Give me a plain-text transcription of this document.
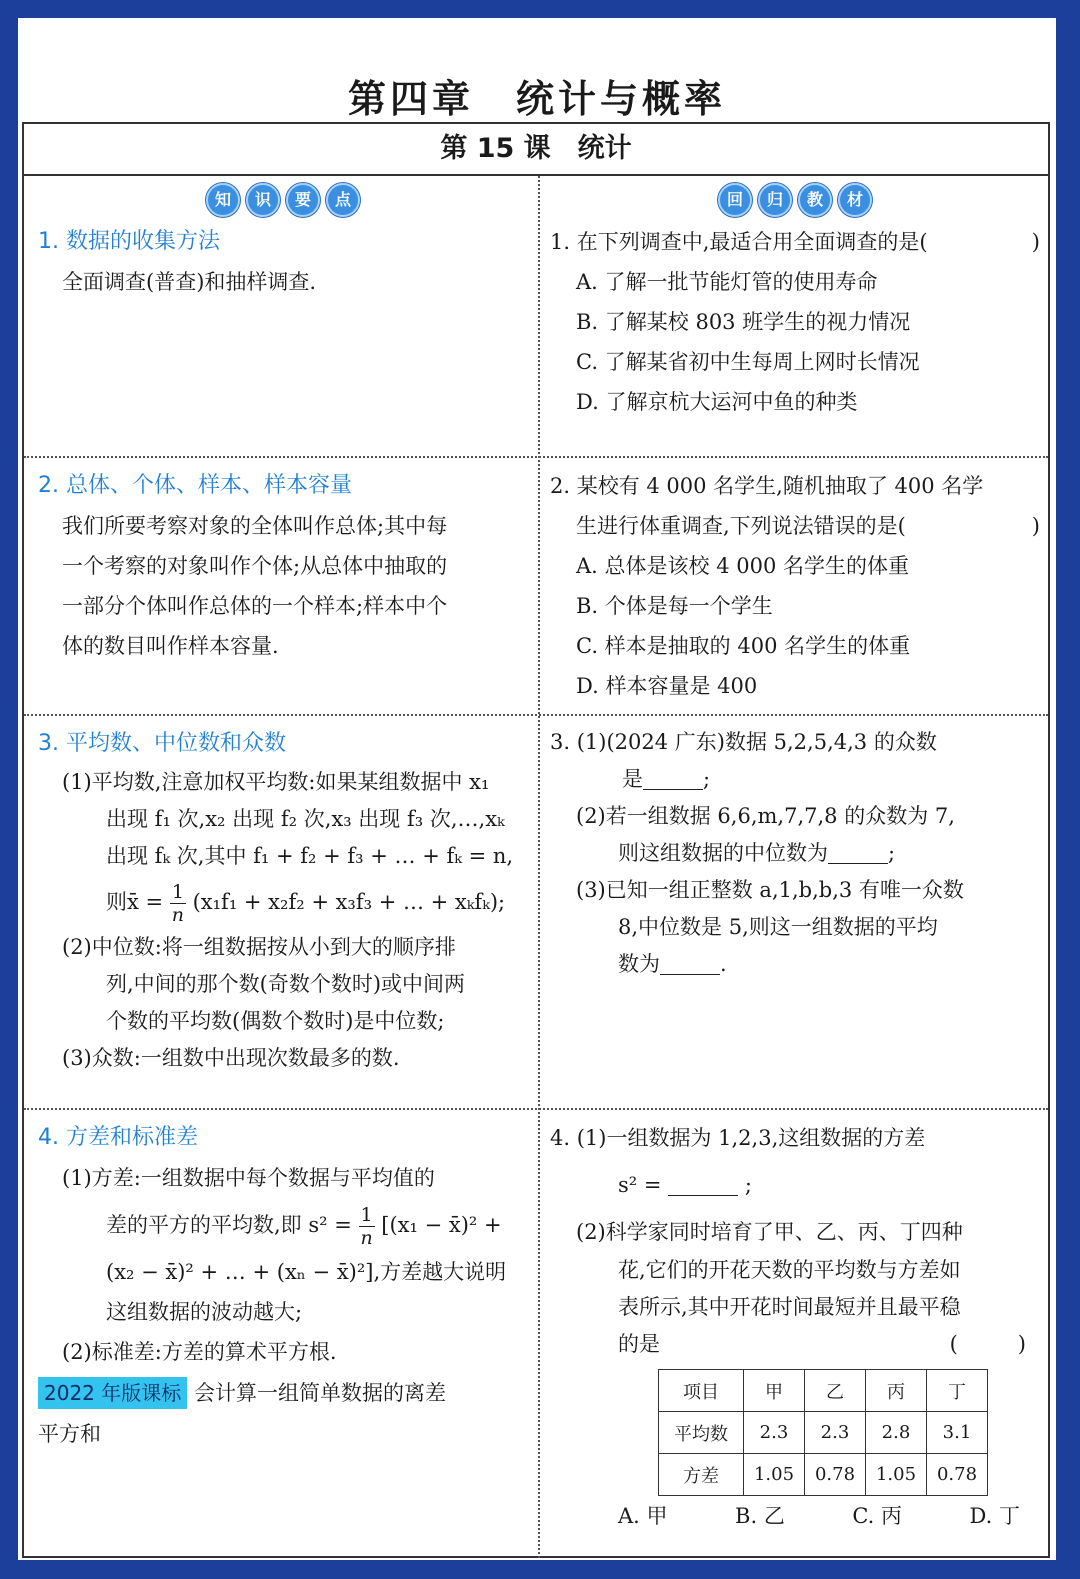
第四章　统计与概率
第 15 课　统计
知	识	要	点
1. 数据的收集方法
全面调查(普查)和抽样调查.
回	归	教	材
1. 在下列调查中,最适合用全面调查的是(	)
A. 了解一批节能灯管的使用寿命
B. 了解某校 803 班学生的视力情况
C. 了解某省初中生每周上网时长情况
D. 了解京杭大运河中鱼的种类
2. 总体、个体、样本、样本容量
我们所要考察对象的全体叫作总体;其中每
一个考察的对象叫作个体;从总体中抽取的
一部分个体叫作总体的一个样本;样本中个
体的数目叫作样本容量.
2. 某校有 4 000 名学生,随机抽取了 400 名学
生进行体重调查,下列说法错误的是(	)
A. 总体是该校 4 000 名学生的体重
B. 个体是每一个学生
C. 样本是抽取的 400 名学生的体重
D. 样本容量是 400
3. 平均数、中位数和众数
(1)平均数,注意加权平均数:如果某组数据中 x₁
出现 f₁ 次,x₂ 出现 f₂ 次,x₃ 出现 f₃ 次,…,xₖ
出现 fₖ 次,其中 f₁ + f₂ + f₃ + … + fₖ = n,
则x̄ = $\frac{1}{n} (x_1f_1 + x_2f_2 + x_3f_3$ + … + xₖfₖ);
(2)中位数:将一组数据按从小到大的顺序排
列,中间的那个数(奇数个数时)或中间两
个数的平均数(偶数个数时)是中位数;
(3)众数:一组数中出现次数最多的数.
3. (1)(2024 广东)数据 5,2,5,4,3 的众数
是	;
(2)若一组数据 6,6,m,7,7,8 的众数为 7,
则这组数据的中位数为	;
(3)已知一组正整数 a,1,b,b,3 有唯一众数
8,中位数是 5,则这一组数据的平均
数为	.
4. 方差和标准差
(1)方差:一组数据中每个数据与平均值的
差的平方的平均数,即 $s^2 = \frac{1}{n} [(x_1$ − x̄)² +
(x₂ − x̄)² + … + (xₙ − x̄)²],方差越大说明
这组数据的波动越大;
(2)标准差:方差的算术平方根.
2022 年版课标 会计算一组简单数据的离差
平方和
4. (1)一组数据为 1,2,3,这组数据的方差
s² =	;
(2)科学家同时培育了甲、乙、丙、丁四种
花,它们的开花天数的平均数与方差如
表所示,其中开花时间最短并且最平稳
的是	(	)
项目	甲	乙	丙	丁
平均数	2.3	2.3	2.8	3.1
方差	1.05	0.78	1.05	0.78
A. 甲	B. 乙	C. 丙	D. 丁
